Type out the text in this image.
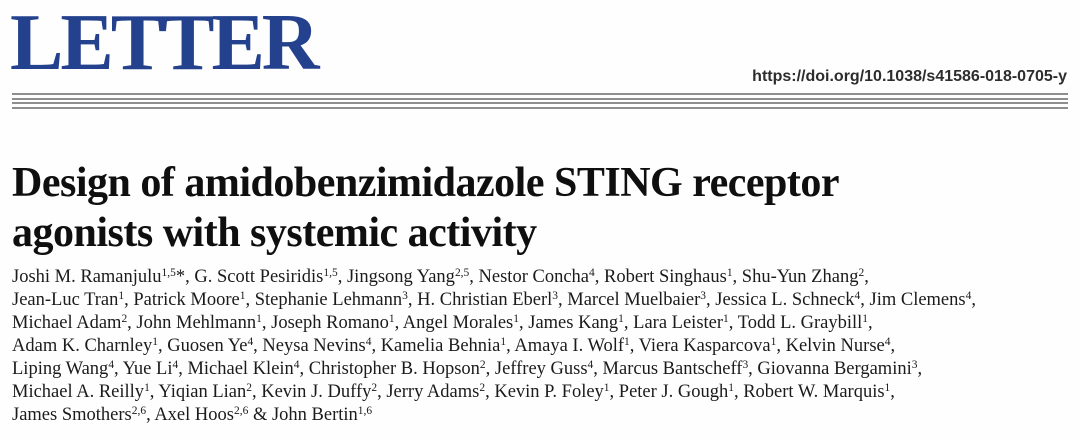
LETTER	https://doi.org/10.1038/s41586-018-0705-y
Design of amidobenzimidazole STING receptor
agonists with systemic activity
Joshi M. Ramanjulu$^{1,5}$*, G. Scott Pesiridis$^{1,5}$, Jingsong Yang$^{2,5}$, Nestor Concha$^4$, Robert Singhaus$^1$, Shu-Yun Zhang$^2$,
Jean-Luc Tran$^1$, Patrick Moore$^1$, Stephanie Lehmann$^3$, H. Christian Eberl$^3$, Marcel Muelbaier$^3$, Jessica L. Schneck$^4$, Jim Clemens$^4$,
Michael Adam$^2$, John Mehlmann$^1$, Joseph Romano$^1$, Angel Morales$^1$, James Kang$^1$, Lara Leister$^1$, Todd L. Graybill$^1$,
Adam K. Charnley$^1$, Guosen Ye$^4$, Neysa Nevins$^4$, Kamelia Behnia$^1$, Amaya I. Wolf$^1$, Viera Kasparcova$^1$, Kelvin Nurse$^4$,
Liping Wang$^4$, Yue Li$^4$, Michael Klein$^4$, Christopher B. Hopson$^2$, Jeffrey Guss$^4$, Marcus Bantscheff$^3$, Giovanna Bergamini$^3$,
Michael A. Reilly$^1$, Yiqian Lian$^2$, Kevin J. Duffy$^2$, Jerry Adams$^2$, Kevin P. Foley$^1$, Peter J. Gough$^1$, Robert W. Marquis$^1$,
James Smothers$^{2,6}$, Axel Hoos$^{2,6}$ & John Bertin$^{1,6}$
